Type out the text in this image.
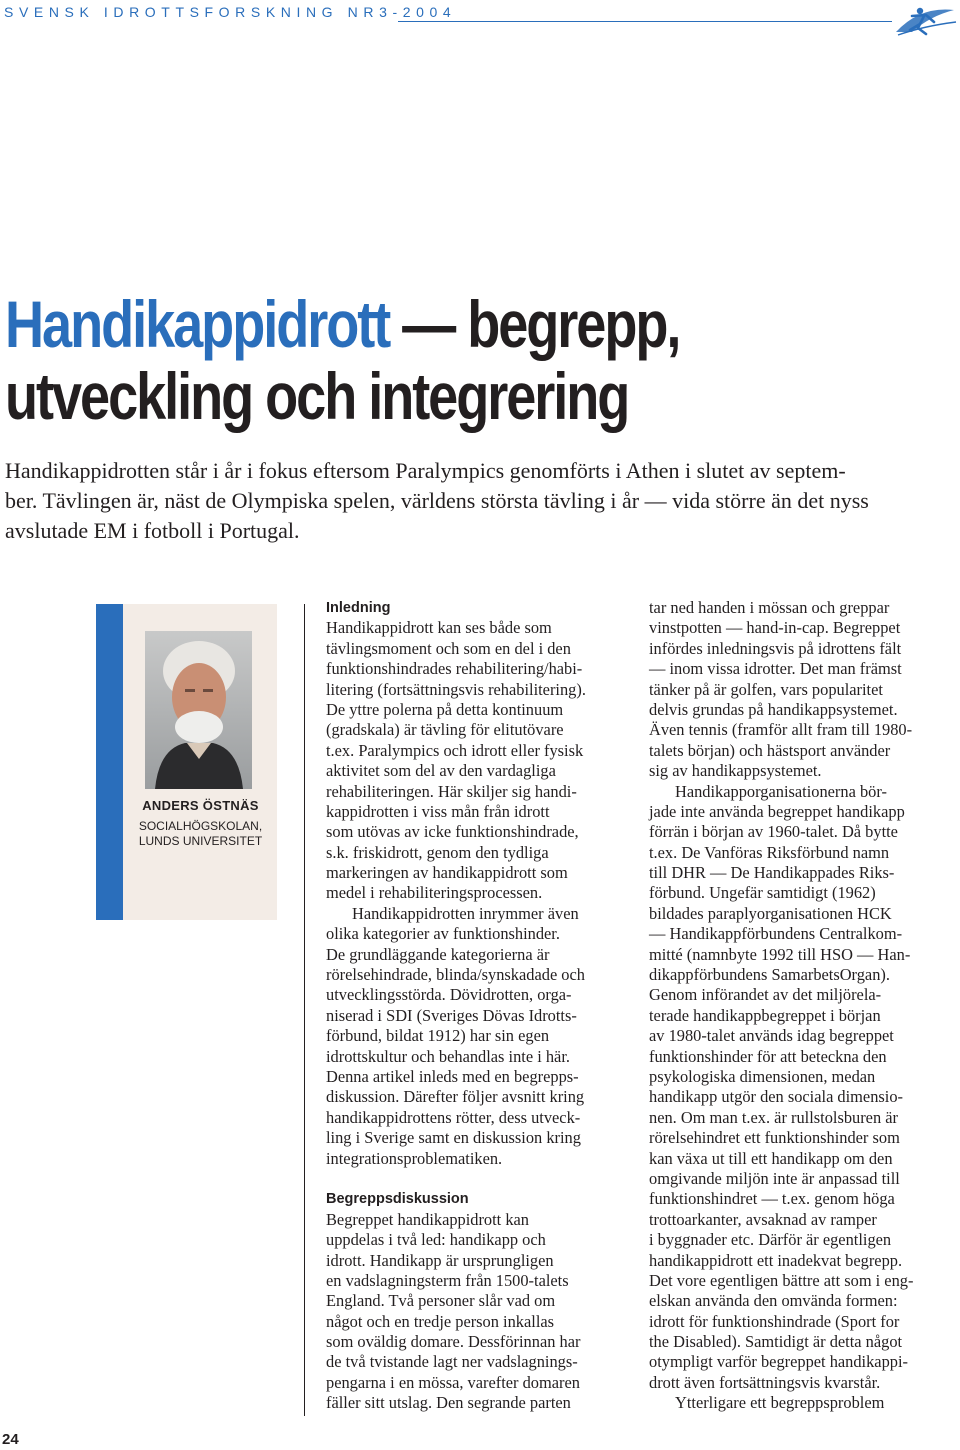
SVENSK IDROTTSFORSKNING NR3-2004
Handikappidrott — begrepp,
utveckling och integrering
Handikappidrotten står i år i fokus eftersom Paralympics genomförts i Athen i slutet av septem-
ber. Tävlingen är, näst de Olympiska spelen, världens största tävling i år — vida större än det nyss
avslutade EM i fotboll i Portugal.
ANDERS ÖSTNÄS
SOCIALHÖGSKOLAN,
LUNDS UNIVERSITET
Inledning
Handikappidrott kan ses både som
tävlingsmoment och som en del i den
funktionshindrades rehabilitering/habi-
litering (fortsättningsvis rehabilitering).
De yttre polerna på detta kontinuum
(gradskala) är tävling för elitutövare
t.ex. Paralympics och idrott eller fysisk
aktivitet som del av den vardagliga
rehabiliteringen. Här skiljer sig handi-
kappidrotten i viss mån från idrott
som utövas av icke funktionshindrade,
s.k. friskidrott, genom den tydliga
markeringen av handikappidrott som
medel i rehabiliteringsprocessen.
Handikappidrotten inrymmer även
olika kategorier av funktionshinder.
De grundläggande kategorierna är
rörelsehindrade, blinda/synskadade och
utvecklingsstörda. Dövidrotten, orga-
niserad i SDI (Sveriges Dövas Idrotts-
förbund, bildat 1912) har sin egen
idrottskultur och behandlas inte i här.
Denna artikel inleds med en begrepps-
diskussion. Därefter följer avsnitt kring
handikappidrottens rötter, dess utveck-
ling i Sverige samt en diskussion kring
integrationsproblematiken.
Begreppsdiskussion
Begreppet handikappidrott kan
uppdelas i två led: handikapp och
idrott. Handikapp är ursprungligen
en vadslagningsterm från 1500-talets
England. Två personer slår vad om
något och en tredje person inkallas
som oväldig domare. Dessförinnan har
de två tvistande lagt ner vadslagnings-
pengarna i en mössa, varefter domaren
fäller sitt utslag. Den segrande parten
tar ned handen i mössan och greppar
vinstpotten — hand-in-cap. Begreppet
infördes inledningsvis på idrottens fält
— inom vissa idrotter. Det man främst
tänker på är golfen, vars popularitet
delvis grundas på handikappsystemet.
Även tennis (framför allt fram till 1980-
talets början) och hästsport använder
sig av handikappsystemet.
Handikapporganisationerna bör-
jade inte använda begreppet handikapp
förrän i början av 1960-talet. Då bytte
t.ex. De Vanföras Riksförbund namn
till DHR — De Handikappades Riks-
förbund. Ungefär samtidigt (1962)
bildades paraplyorganisationen HCK
— Handikappförbundens Centralkom-
mitté (namnbyte 1992 till HSO — Han-
dikappförbundens SamarbetsOrgan).
Genom införandet av det miljörela-
terade handikappbegreppet i början
av 1980-talet används idag begreppet
funktionshinder för att beteckna den
psykologiska dimensionen, medan
handikapp utgör den sociala dimensio-
nen. Om man t.ex. är rullstolsburen är
rörelsehindret ett funktionshinder som
kan växa ut till ett handikapp om den
omgivande miljön inte är anpassad till
funktionshindret — t.ex. genom höga
trottoarkanter, avsaknad av ramper
i byggnader etc. Därför är egentligen
handikappidrott ett inadekvat begrepp.
Det vore egentligen bättre att som i eng-
elskan använda den omvända formen:
idrott för funktionshindrade (Sport for
the Disabled). Samtidigt är detta något
otympligt varför begreppet handikappi-
drott även fortsättningsvis kvarstår.
Ytterligare ett begreppsproblem
24
